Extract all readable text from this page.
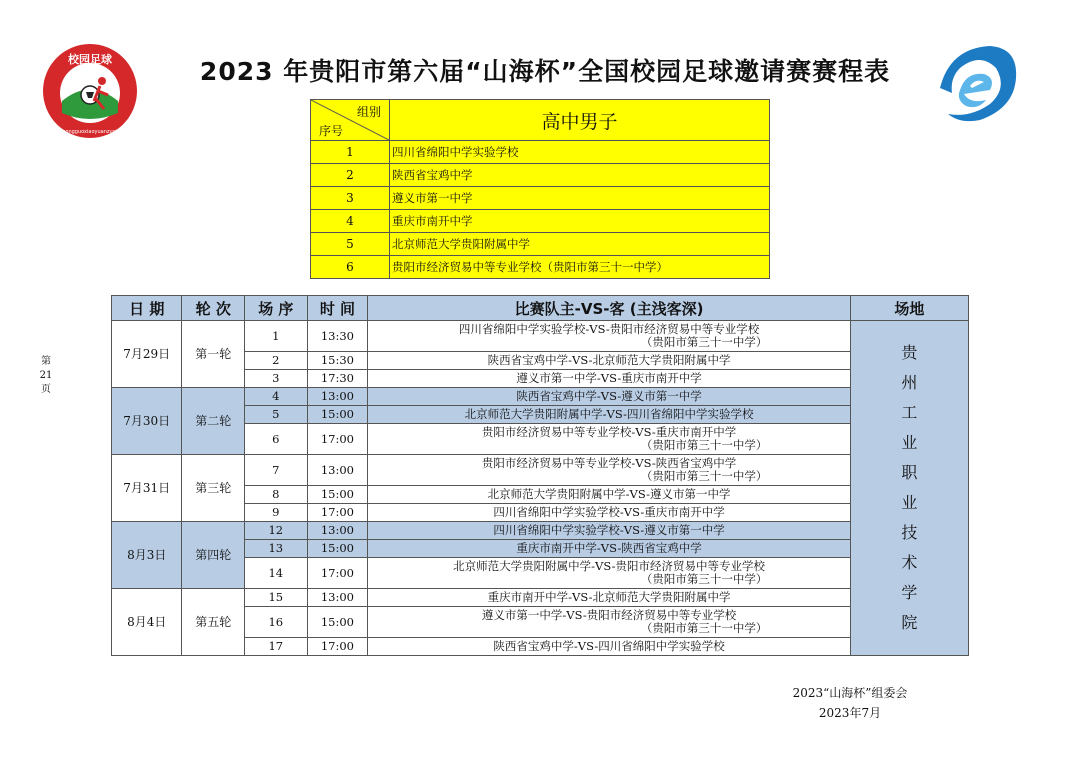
校园足球
zhongguoxiaoyuanzuqiu
2023 年贵阳市第六届“山海杯”全国校园足球邀请赛赛程表
第21页
组别
序号	高中男子
1	四川省绵阳中学实验学校
2	陕西省宝鸡中学
3	遵义市第一中学
4	重庆市南开中学
5	北京师范大学贵阳附属中学
6	贵阳市经济贸易中等专业学校（贵阳市第三十一中学）
日 期	轮 次	场 序	时 间	比赛队主-VS-客 (主浅客深)	场地
7月29日	第一轮	1	13:30	四川省绵阳中学实验学校-VS-贵阳市经济贸易中等专业学校
（贵阳市第三十一中学）	贵州工业职业技术学院

		2	15:30	陕西省宝鸡中学-VS-北京师范大学贵阳附属中学	

		3	17:30	遵义市第一中学-VS-重庆市南开中学	

7月30日	第二轮	4	13:00	陕西省宝鸡中学-VS-遵义市第一中学	

		5	15:00	北京师范大学贵阳附属中学-VS-四川省绵阳中学实验学校	

		6	17:00	贵阳市经济贸易中等专业学校-VS-重庆市南开中学
（贵阳市第三十一中学）	

7月31日	第三轮	7	13:00	贵阳市经济贸易中等专业学校-VS-陕西省宝鸡中学
（贵阳市第三十一中学）	

		8	15:00	北京师范大学贵阳附属中学-VS-遵义市第一中学	

		9	17:00	四川省绵阳中学实验学校-VS-重庆市南开中学	

8月3日	第四轮	12	13:00	四川省绵阳中学实验学校-VS-遵义市第一中学	

		13	15:00	重庆市南开中学-VS-陕西省宝鸡中学	

		14	17:00	北京师范大学贵阳附属中学-VS-贵阳市经济贸易中等专业学校
（贵阳市第三十一中学）	

8月4日	第五轮	15	13:00	重庆市南开中学-VS-北京师范大学贵阳附属中学	

		16	15:00	遵义市第一中学-VS-贵阳市经济贸易中等专业学校
（贵阳市第三十一中学）	

		17	17:00	陕西省宝鸡中学-VS-四川省绵阳中学实验学校	
2023“山海杯”组委会
2023年7月
